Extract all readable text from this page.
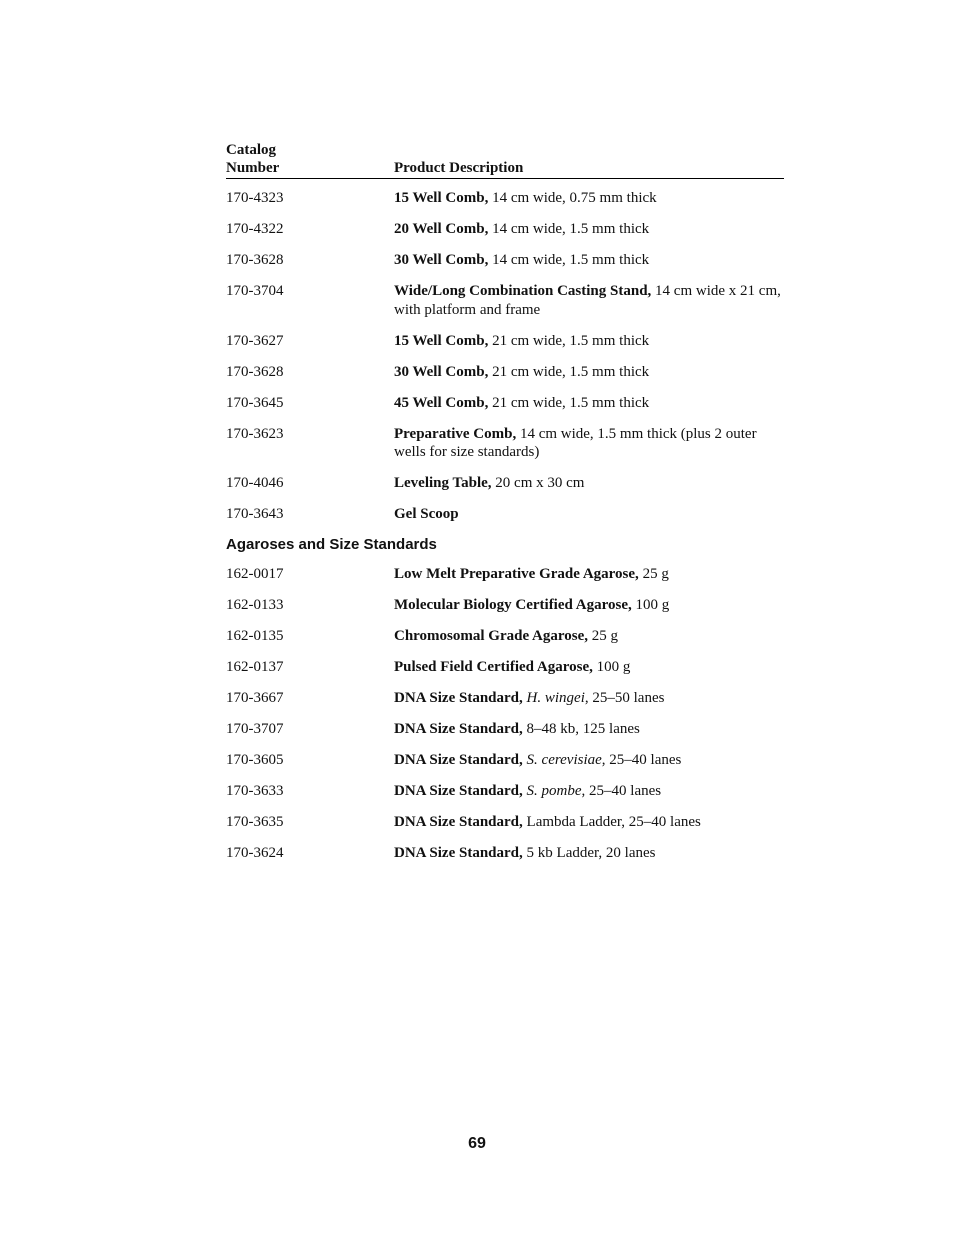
Catalog
Number	Product Description
170-4323	15 Well Comb, 14 cm wide, 0.75 mm thick
170-4322	20 Well Comb, 14 cm wide, 1.5 mm thick
170-3628	30 Well Comb, 14 cm wide, 1.5 mm thick
170-3704	Wide/Long Combination Casting Stand, 14 cm wide x 21 cm, with platform and frame
170-3627	15 Well Comb, 21 cm wide, 1.5 mm thick
170-3628	30 Well Comb, 21 cm wide, 1.5 mm thick
170-3645	45 Well Comb, 21 cm wide, 1.5 mm thick
170-3623	Preparative Comb, 14 cm wide, 1.5 mm thick (plus 2 outer wells for size standards)
170-4046	Leveling Table, 20 cm x 30 cm
170-3643	Gel Scoop
Agaroses and Size Standards
162-0017	Low Melt Preparative Grade Agarose, 25 g
162-0133	Molecular Biology Certified Agarose, 100 g
162-0135	Chromosomal Grade Agarose, 25 g
162-0137	Pulsed Field Certified Agarose, 100 g
170-3667	DNA Size Standard, H. wingei, 25–50 lanes
170-3707	DNA Size Standard, 8–48 kb, 125 lanes
170-3605	DNA Size Standard, S. cerevisiae, 25–40 lanes
170-3633	DNA Size Standard, S. pombe, 25–40 lanes
170-3635	DNA Size Standard, Lambda Ladder, 25–40 lanes
170-3624	DNA Size Standard, 5 kb Ladder, 20 lanes
69
